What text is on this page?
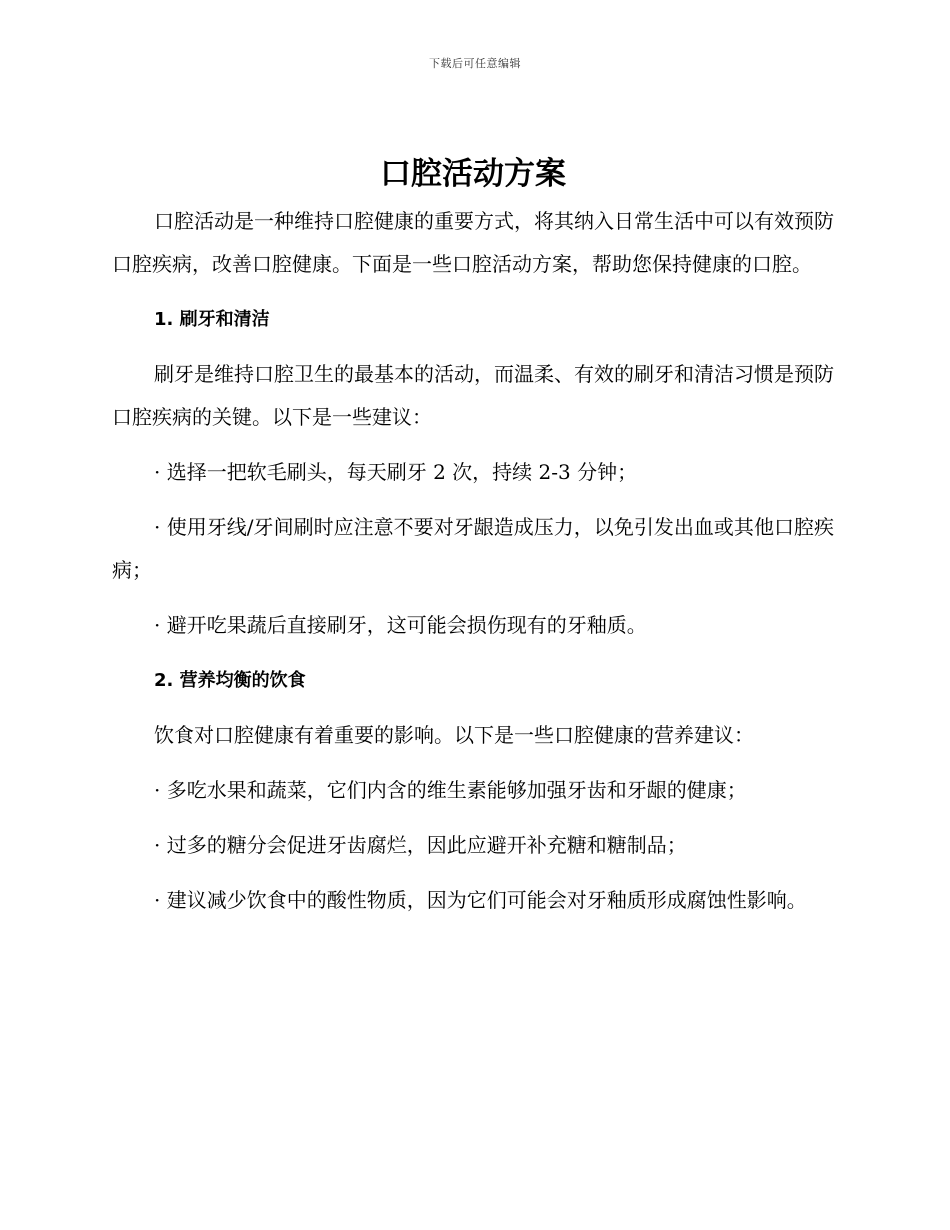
下载后可任意编辑
口腔活动方案

口腔活动是一种维持口腔健康的重要方式，将其纳入日常生活中可以有效预防口腔疾病，改善口腔健康。下面是一些口腔活动方案，帮助您保持健康的口腔。

1. 刷牙和清洁

刷牙是维持口腔卫生的最基本的活动，而温柔、有效的刷牙和清洁习惯是预防口腔疾病的关键。以下是一些建议：

· 选择一把软毛刷头，每天刷牙 2 次，持续 2-3 分钟；

· 使用牙线/牙间刷时应注意不要对牙龈造成压力，以免引发出血或其他口腔疾病；

· 避开吃果蔬后直接刷牙，这可能会损伤现有的牙釉质。

2. 营养均衡的饮食

饮食对口腔健康有着重要的影响。以下是一些口腔健康的营养建议：

· 多吃水果和蔬菜，它们内含的维生素能够加强牙齿和牙龈的健康；

· 过多的糖分会促进牙齿腐烂，因此应避开补充糖和糖制品；

· 建议减少饮食中的酸性物质，因为它们可能会对牙釉质形成腐蚀性影响。
